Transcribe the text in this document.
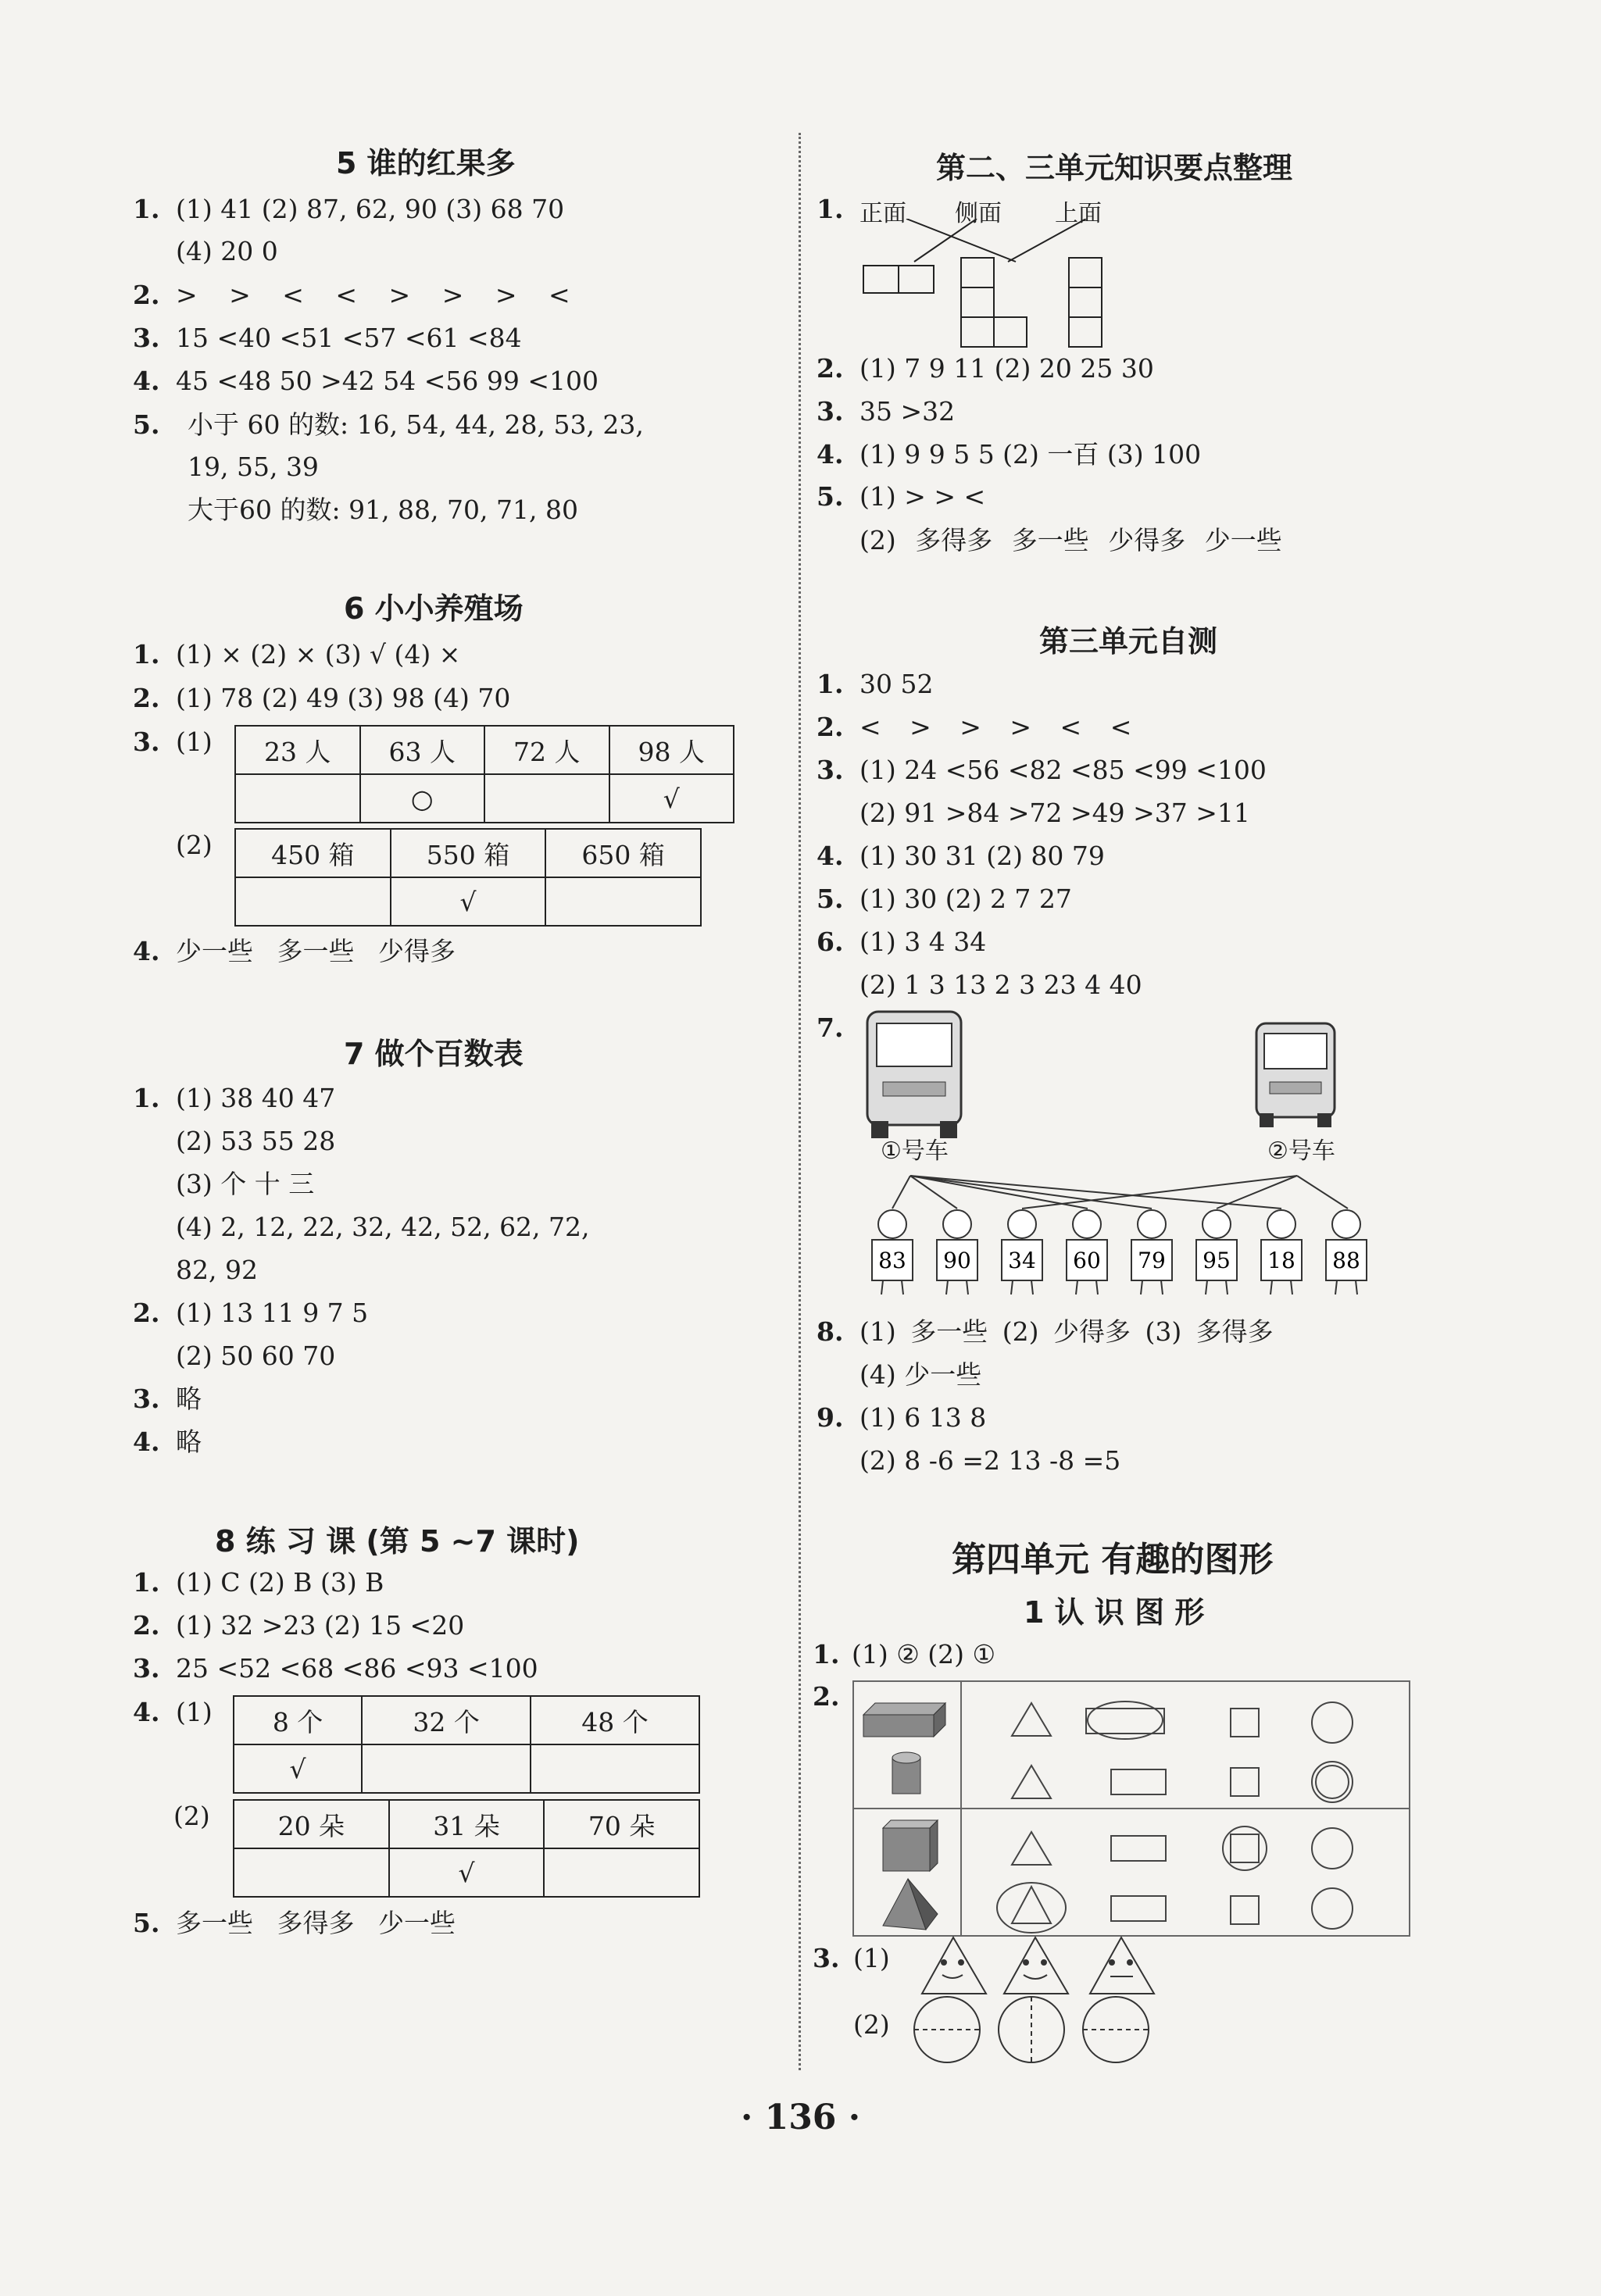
5 谁的红果多
1. (1) 41 (2) 87, 62, 90 (3) 68 70
(4) 20 0
2. > > < < > > > <
3. 15 <40 <51 <57 <61 <84
4. 45 <48 50 >42 54 <56 99 <100
5. 小于 60 的数: 16, 54, 44, 28, 53, 23,
19, 55, 39
大于60 的数: 91, 88, 70, 71, 80
6 小小养殖场
1. (1) × (2) × (3) √ (4) ×
2. (1) 78 (2) 49 (3) 98 (4) 70
3. (1) 23 人	63 人	72 人	98 人
	○		√
(2) 450 箱	550 箱	650 箱
	√	
4. 少一些 多一些 少得多
7 做个百数表
1. (1) 38 40 47
(2) 53 55 28
(3) 个 十 三
(4) 2, 12, 22, 32, 42, 52, 62, 72,
82, 92
2. (1) 13 11 9 7 5
(2) 50 60 70
3. 略
4. 略
8 练 习 课 (第 5 ~7 课时)
1. (1) C (2) B (3) B
2. (1) 32 >23 (2) 15 <20
3. 25 <52 <68 <86 <93 <100
4. (1) 8 个	32 个	48 个
√		
(2)	20 朵	31 朵	70 朵
	√	
5. 多一些 多得多 少一些
第二、三单元知识要点整理
1. 正面 侧面 上面
2. (1) 7 9 11 (2) 20 25 30
3. 35 >32
4. (1) 9 9 5 5 (2) 一百 (3) 100
5. (1) > > <
(2) 多得多 多一些 少得多 少一些
第三单元自测
1. 30 52
2. < > > > < <
3. (1) 24 <56 <82 <85 <99 <100
(2) 91 >84 >72 >49 >37 >11
4. (1) 30 31 (2) 80 79
5. (1) 30 (2) 2 7 27
6. (1) 3 4 34
(2) 1 3 13 2 3 23 4 40
7.
83 90 34 60 79 95 18 88
①号车	②号车
8. (1) 多一些 (2) 少得多 (3) 多得多
(4) 少一些
9. (1) 6 13 8
(2) 8 -6 =2 13 -8 =5
第四单元 有趣的图形
1 认 识 图 形
1. (1) ② (2) ①
2.
3. (1)
(2)
· 136 ·
